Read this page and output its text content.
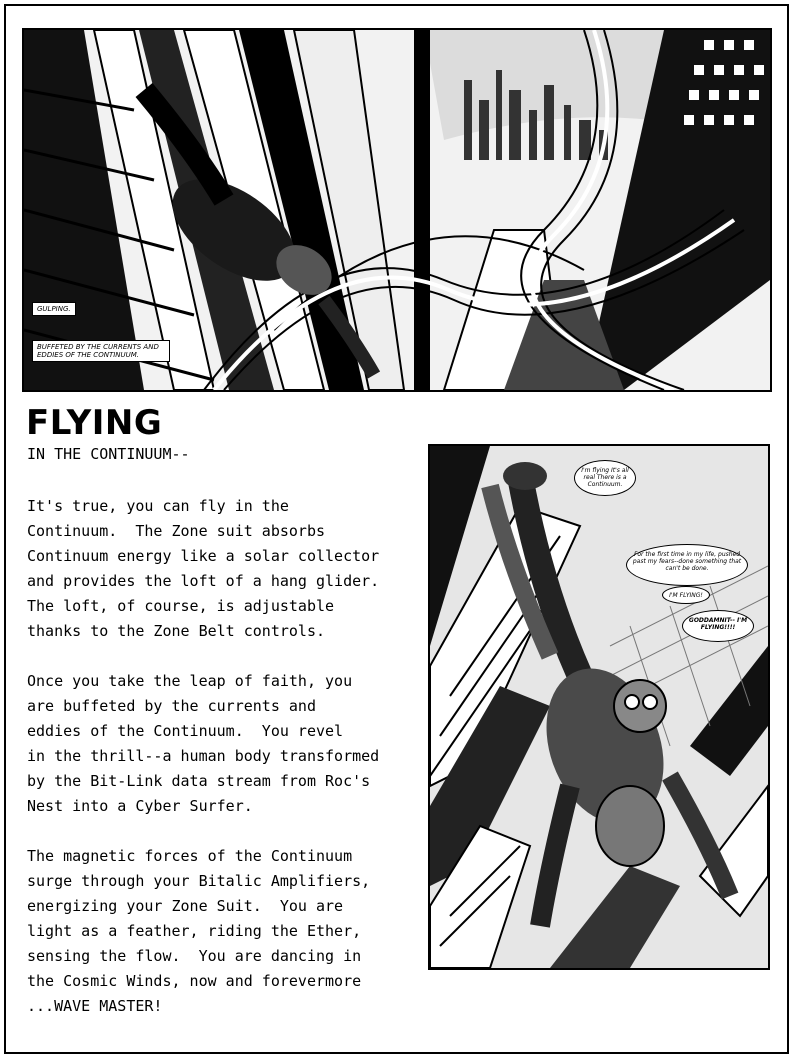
GULPING.
BUFFETED BY THE CURRENTS AND EDDIES OF THE CONTINUUM.
FLYING

IN THE CONTINUUM--

It's true, you can fly in the
Continuum.  The Zone suit absorbs
Continuum energy like a solar collector
and provides the loft of a hang glider.
The loft, of course, is adjustable
thanks to the Zone Belt controls.
Once you take the leap of faith, you
are buffeted by the currents and
eddies of the Continuum.  You revel
in the thrill--a human body transformed
by the Bit-Link data stream from Roc's
Nest into a Cyber Surfer.
The magnetic forces of the Continuum
surge through your Bitalic Amplifiers,
energizing your Zone Suit.  You are
light as a feather, riding the Ether,
sensing the flow.  You are dancing in
the Cosmic Winds, now and forevermore
...WAVE MASTER!
I'm flying It's all real There is a Continuum.
For the first time in my life, pushed past my fears--done something that can't be done.
I'M FLYING!
GODDAMNIT-- I'M FLYING!!!!
